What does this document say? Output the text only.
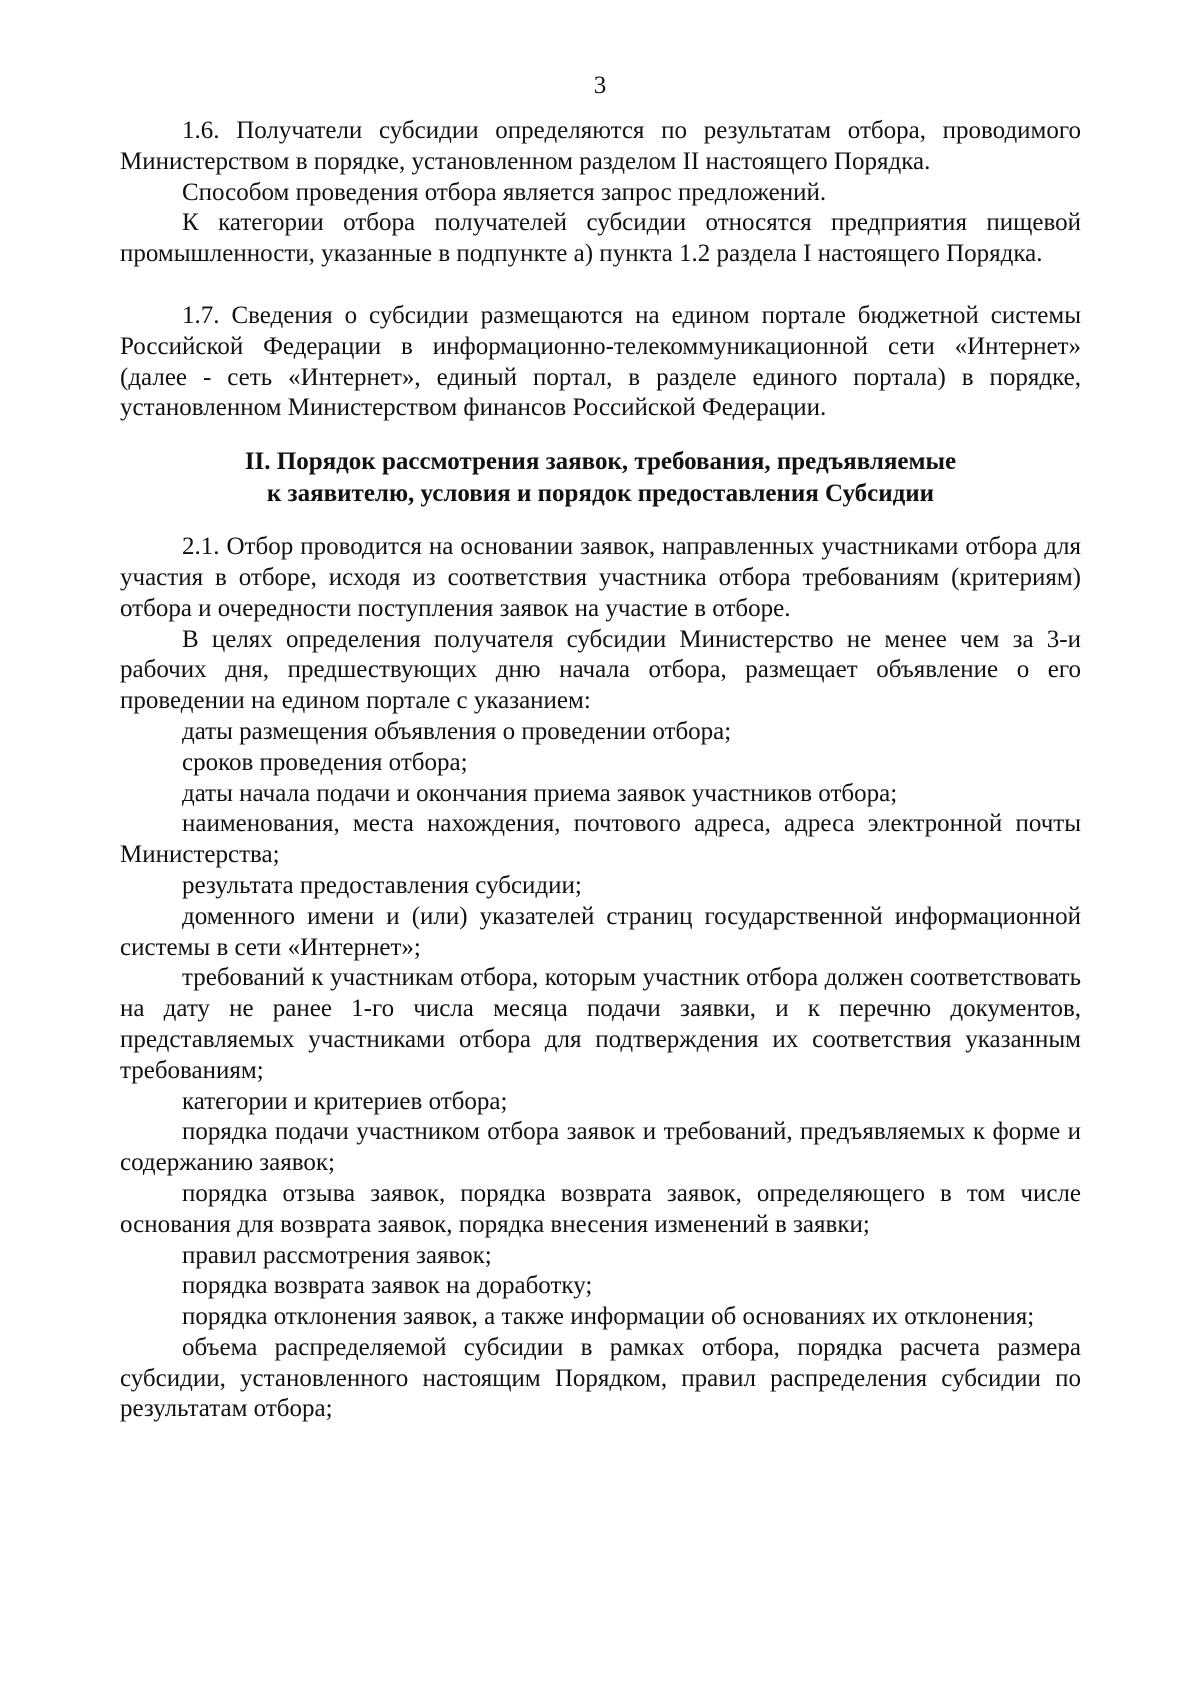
3

1.6. Получатели субсидии определяются по результатам отбора, проводимого Министерством в порядке, установленном разделом II настоящего Порядка.

Способом проведения отбора является запрос предложений.

К категории отбора получателей субсидии относятся предприятия пищевой промышленности, указанные в подпункте а) пункта 1.2 раздела I настоящего Порядка.

1.7. Сведения о субсидии размещаются на едином портале бюджетной системы Российской Федерации в информационно-телекоммуникационной сети «Интернет» (далее - сеть «Интернет», единый портал, в разделе единого портала) в порядке, установленном Министерством финансов Российской Федерации.

II. Порядок рассмотрения заявок, требования, предъявляемые
к заявителю, условия и порядок предоставления Субсидии

2.1. Отбор проводится на основании заявок, направленных участниками отбора для участия в отборе, исходя из соответствия участника отбора требованиям (критериям) отбора и очередности поступления заявок на участие в отборе.

В целях определения получателя субсидии Министерство не менее чем за 3-и рабочих дня, предшествующих дню начала отбора, размещает объявление о его проведении на едином портале с указанием:

даты размещения объявления о проведении отбора;

сроков проведения отбора;

даты начала подачи и окончания приема заявок участников отбора;

наименования, места нахождения, почтового адреса, адреса электронной почты Министерства;

результата предоставления субсидии;

доменного имени и (или) указателей страниц государственной информационной системы в сети «Интернет»;

требований к участникам отбора, которым участник отбора должен соответствовать на дату не ранее 1-го числа месяца подачи заявки, и к перечню документов, представляемых участниками отбора для подтверждения их соответствия указанным требованиям;

категории и критериев отбора;

порядка подачи участником отбора заявок и требований, предъявляемых к форме и содержанию заявок;

порядка отзыва заявок, порядка возврата заявок, определяющего в том числе основания для возврата заявок, порядка внесения изменений в заявки;

правил рассмотрения заявок;

порядка возврата заявок на доработку;

порядка отклонения заявок, а также информации об основаниях их отклонения;

объема распределяемой субсидии в рамках отбора, порядка расчета размера субсидии, установленного настоящим Порядком, правил распределения субсидии по результатам отбора;
